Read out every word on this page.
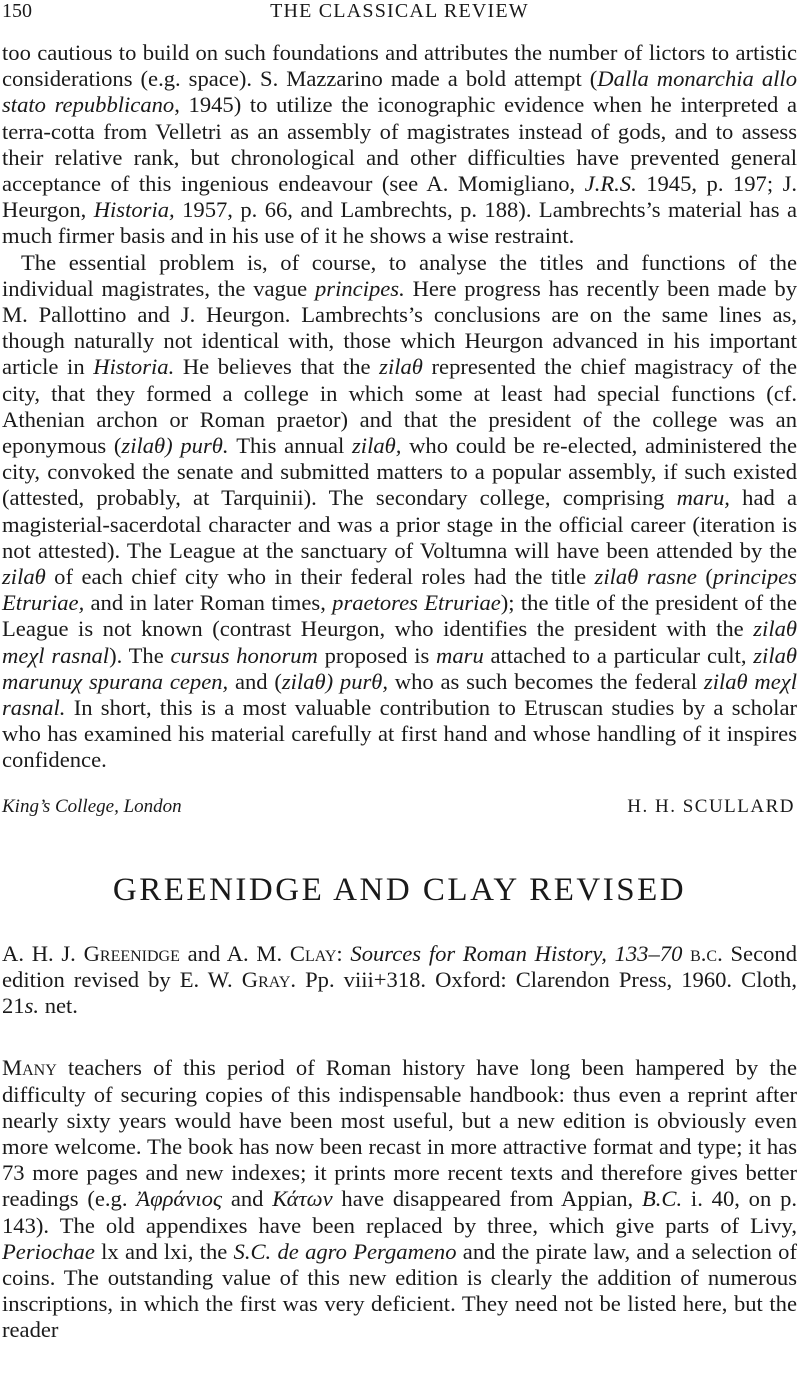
150	THE CLASSICAL REVIEW

too cautious to build on such foundations and attributes the number of lictors to artistic considerations (e.g. space). S. Mazzarino made a bold attempt (Dalla monarchia allo stato repubblicano, 1945) to utilize the iconographic evidence when he interpreted a terra-cotta from Velletri as an assembly of magistrates instead of gods, and to assess their relative rank, but chronological and other difficulties have prevented general acceptance of this ingenious endeavour (see A. Momigliano, J.R.S. 1945, p. 197; J. Heurgon, Historia, 1957, p. 66, and Lambrechts, p. 188). Lambrechts’s material has a much firmer basis and in his use of it he shows a wise restraint.

The essential problem is, of course, to analyse the titles and functions of the individual magistrates, the vague principes. Here progress has recently been made by M. Pallottino and J. Heurgon. Lambrechts’s conclusions are on the same lines as, though naturally not identical with, those which Heurgon advanced in his important article in Historia. He believes that the zilaθ represented the chief magistracy of the city, that they formed a college in which some at least had special functions (cf. Athenian archon or Roman praetor) and that the president of the college was an eponymous (zilaθ) purθ. This annual zilaθ, who could be re-elected, administered the city, convoked the senate and submitted matters to a popular assembly, if such existed (attested, probably, at Tarquinii). The secondary college, comprising maru, had a magisterial-sacerdotal character and was a prior stage in the official career (iteration is not attested). The League at the sanctuary of Voltumna will have been attended by the zilaθ of each chief city who in their federal roles had the title zilaθ rasne (principes Etruriae, and in later Roman times, praetores Etruriae); the title of the president of the League is not known (contrast Heurgon, who identifies the president with the zilaθ meχl rasnal). The cursus honorum proposed is maru attached to a particular cult, zilaθ marunuχ spurana cepen, and (zilaθ) purθ, who as such becomes the federal zilaθ meχl rasnal. In short, this is a most valuable contribution to Etruscan studies by a scholar who has examined his material carefully at first hand and whose handling of it inspires confidence.

King’s College, London	H. H. SCULLARD
GREENIDGE AND CLAY REVISED

A. H. J. Greenidge and A. M. Clay: Sources for Roman History, 133–70 b.c. Second edition revised by E. W. Gray. Pp. viii+318. Oxford: Clarendon Press, 1960. Cloth, 21s. net.

Many teachers of this period of Roman history have long been hampered by the difficulty of securing copies of this indispensable handbook: thus even a reprint after nearly sixty years would have been most useful, but a new edition is obviously even more welcome. The book has now been recast in more attractive format and type; it has 73 more pages and new indexes; it prints more recent texts and therefore gives better readings (e.g. Ἀφράνιος and Κάτων have disappeared from Appian, B.C. i. 40, on p. 143). The old appendixes have been replaced by three, which give parts of Livy, Periochae lx and lxi, the S.C. de agro Pergameno and the pirate law, and a selection of coins. The outstanding value of this new edition is clearly the addition of numerous inscriptions, in which the first was very deficient. They need not be listed here, but the reader
